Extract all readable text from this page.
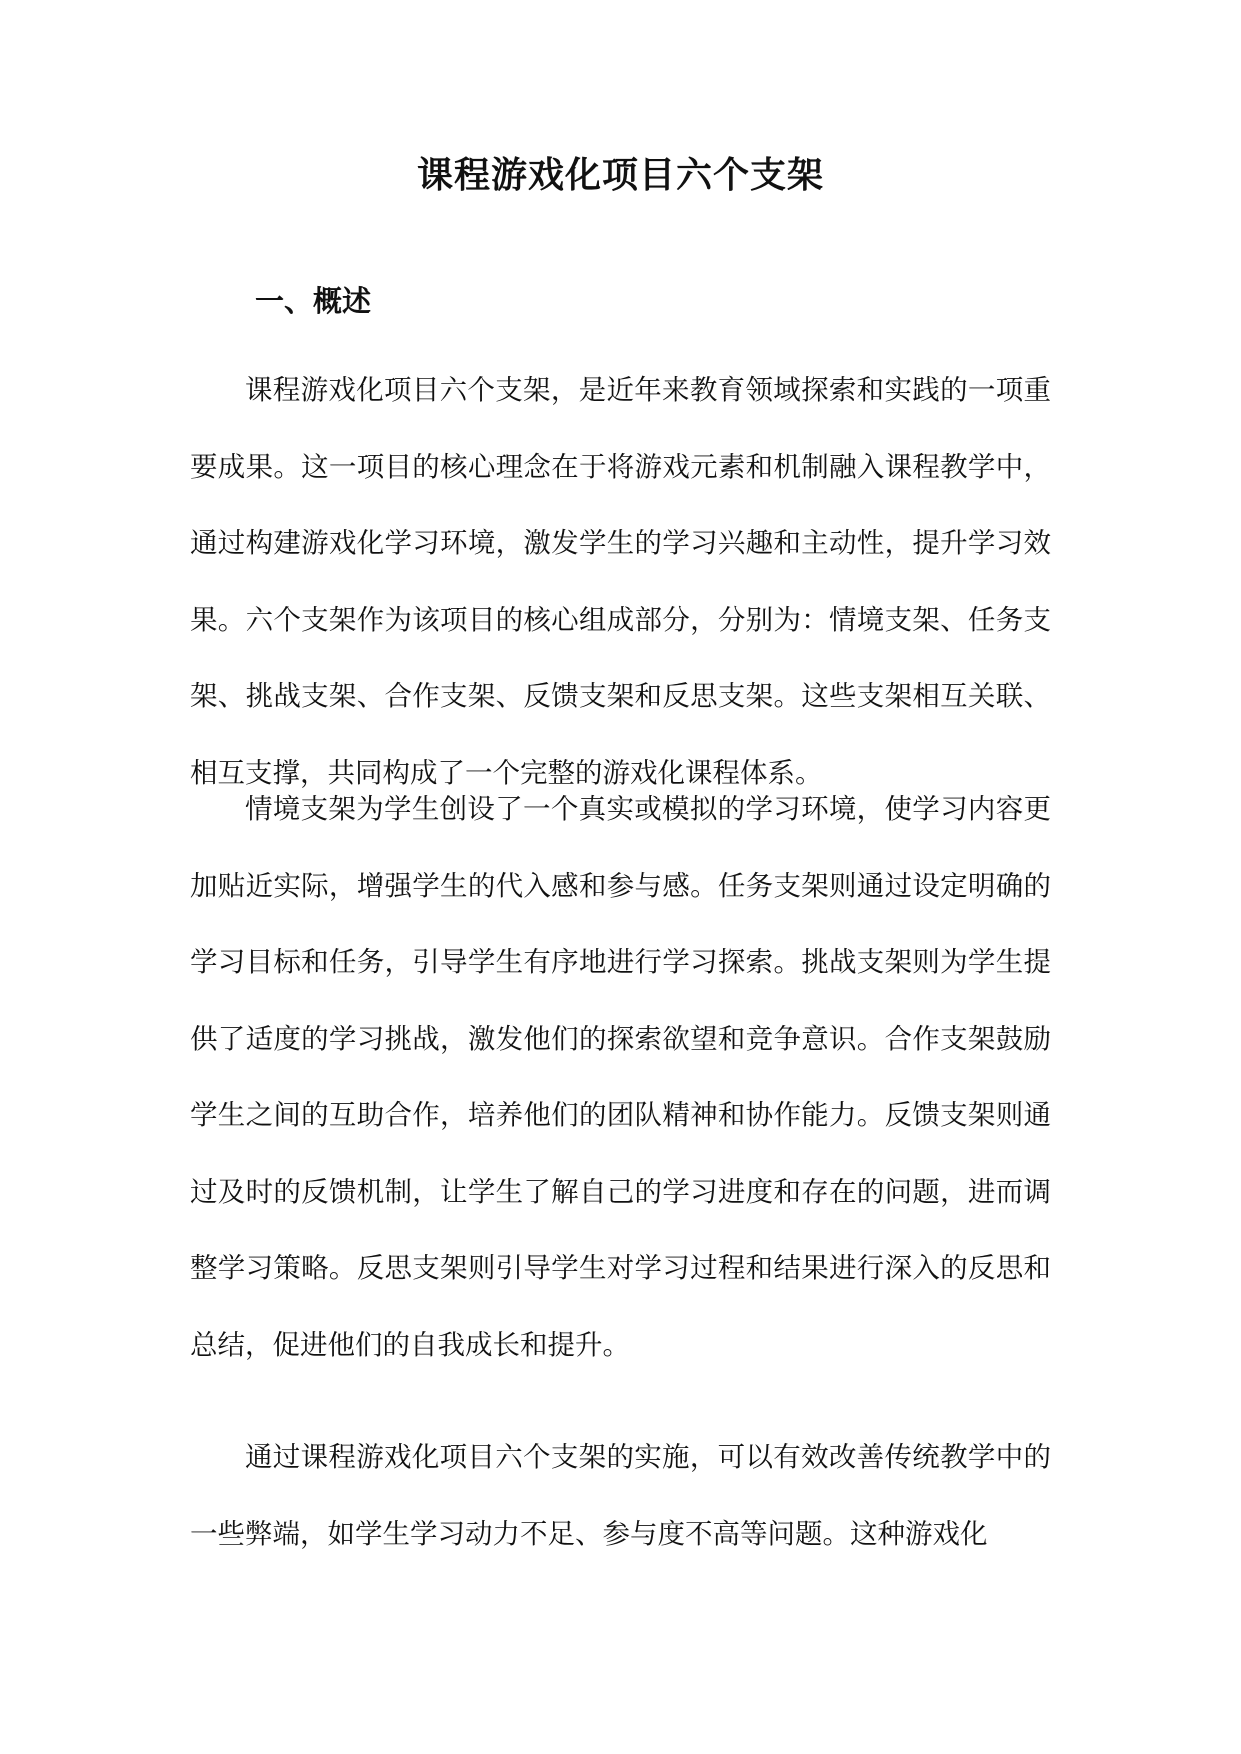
课程游戏化项目六个支架
一、概述

课程游戏化项目六个支架，是近年来教育领域探索和实践的一项重要成果。这一项目的核心理念在于将游戏元素和机制融入课程教学中，通过构建游戏化学习环境，激发学生的学习兴趣和主动性，提升学习效果。六个支架作为该项目的核心组成部分，分别为：情境支架、任务支架、挑战支架、合作支架、反馈支架和反思支架。这些支架相互关联、相互支撑，共同构成了一个完整的游戏化课程体系。

情境支架为学生创设了一个真实或模拟的学习环境，使学习内容更加贴近实际，增强学生的代入感和参与感。任务支架则通过设定明确的学习目标和任务，引导学生有序地进行学习探索。挑战支架则为学生提供了适度的学习挑战，激发他们的探索欲望和竞争意识。合作支架鼓励学生之间的互助合作，培养他们的团队精神和协作能力。反馈支架则通过及时的反馈机制，让学生了解自己的学习进度和存在的问题，进而调整学习策略。反思支架则引导学生对学习过程和结果进行深入的反思和总结，促进他们的自我成长和提升。

通过课程游戏化项目六个支架的实施，可以有效改善传统教学中的一些弊端，如学生学习动力不足、参与度不高等问题。这种游戏化
